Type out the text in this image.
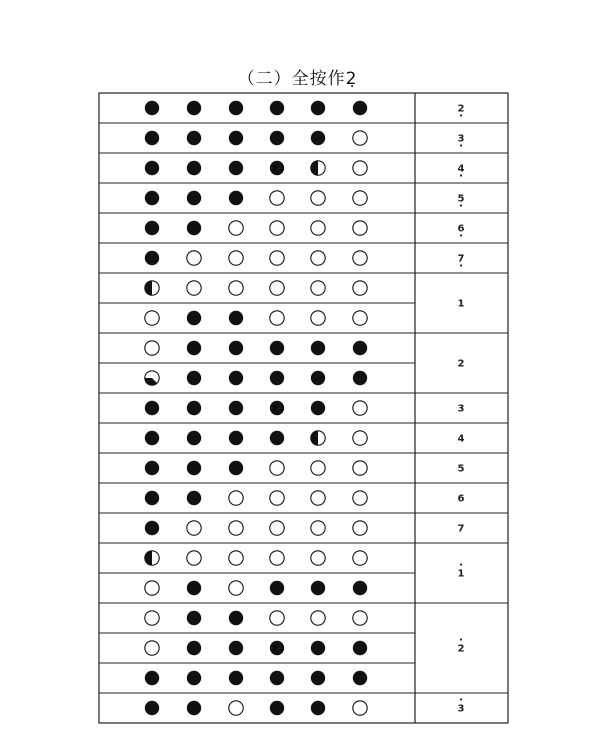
（二）全按作2̣
2
3
4
5
6
7
1
2
3
4
5
6
7
1
2
3
